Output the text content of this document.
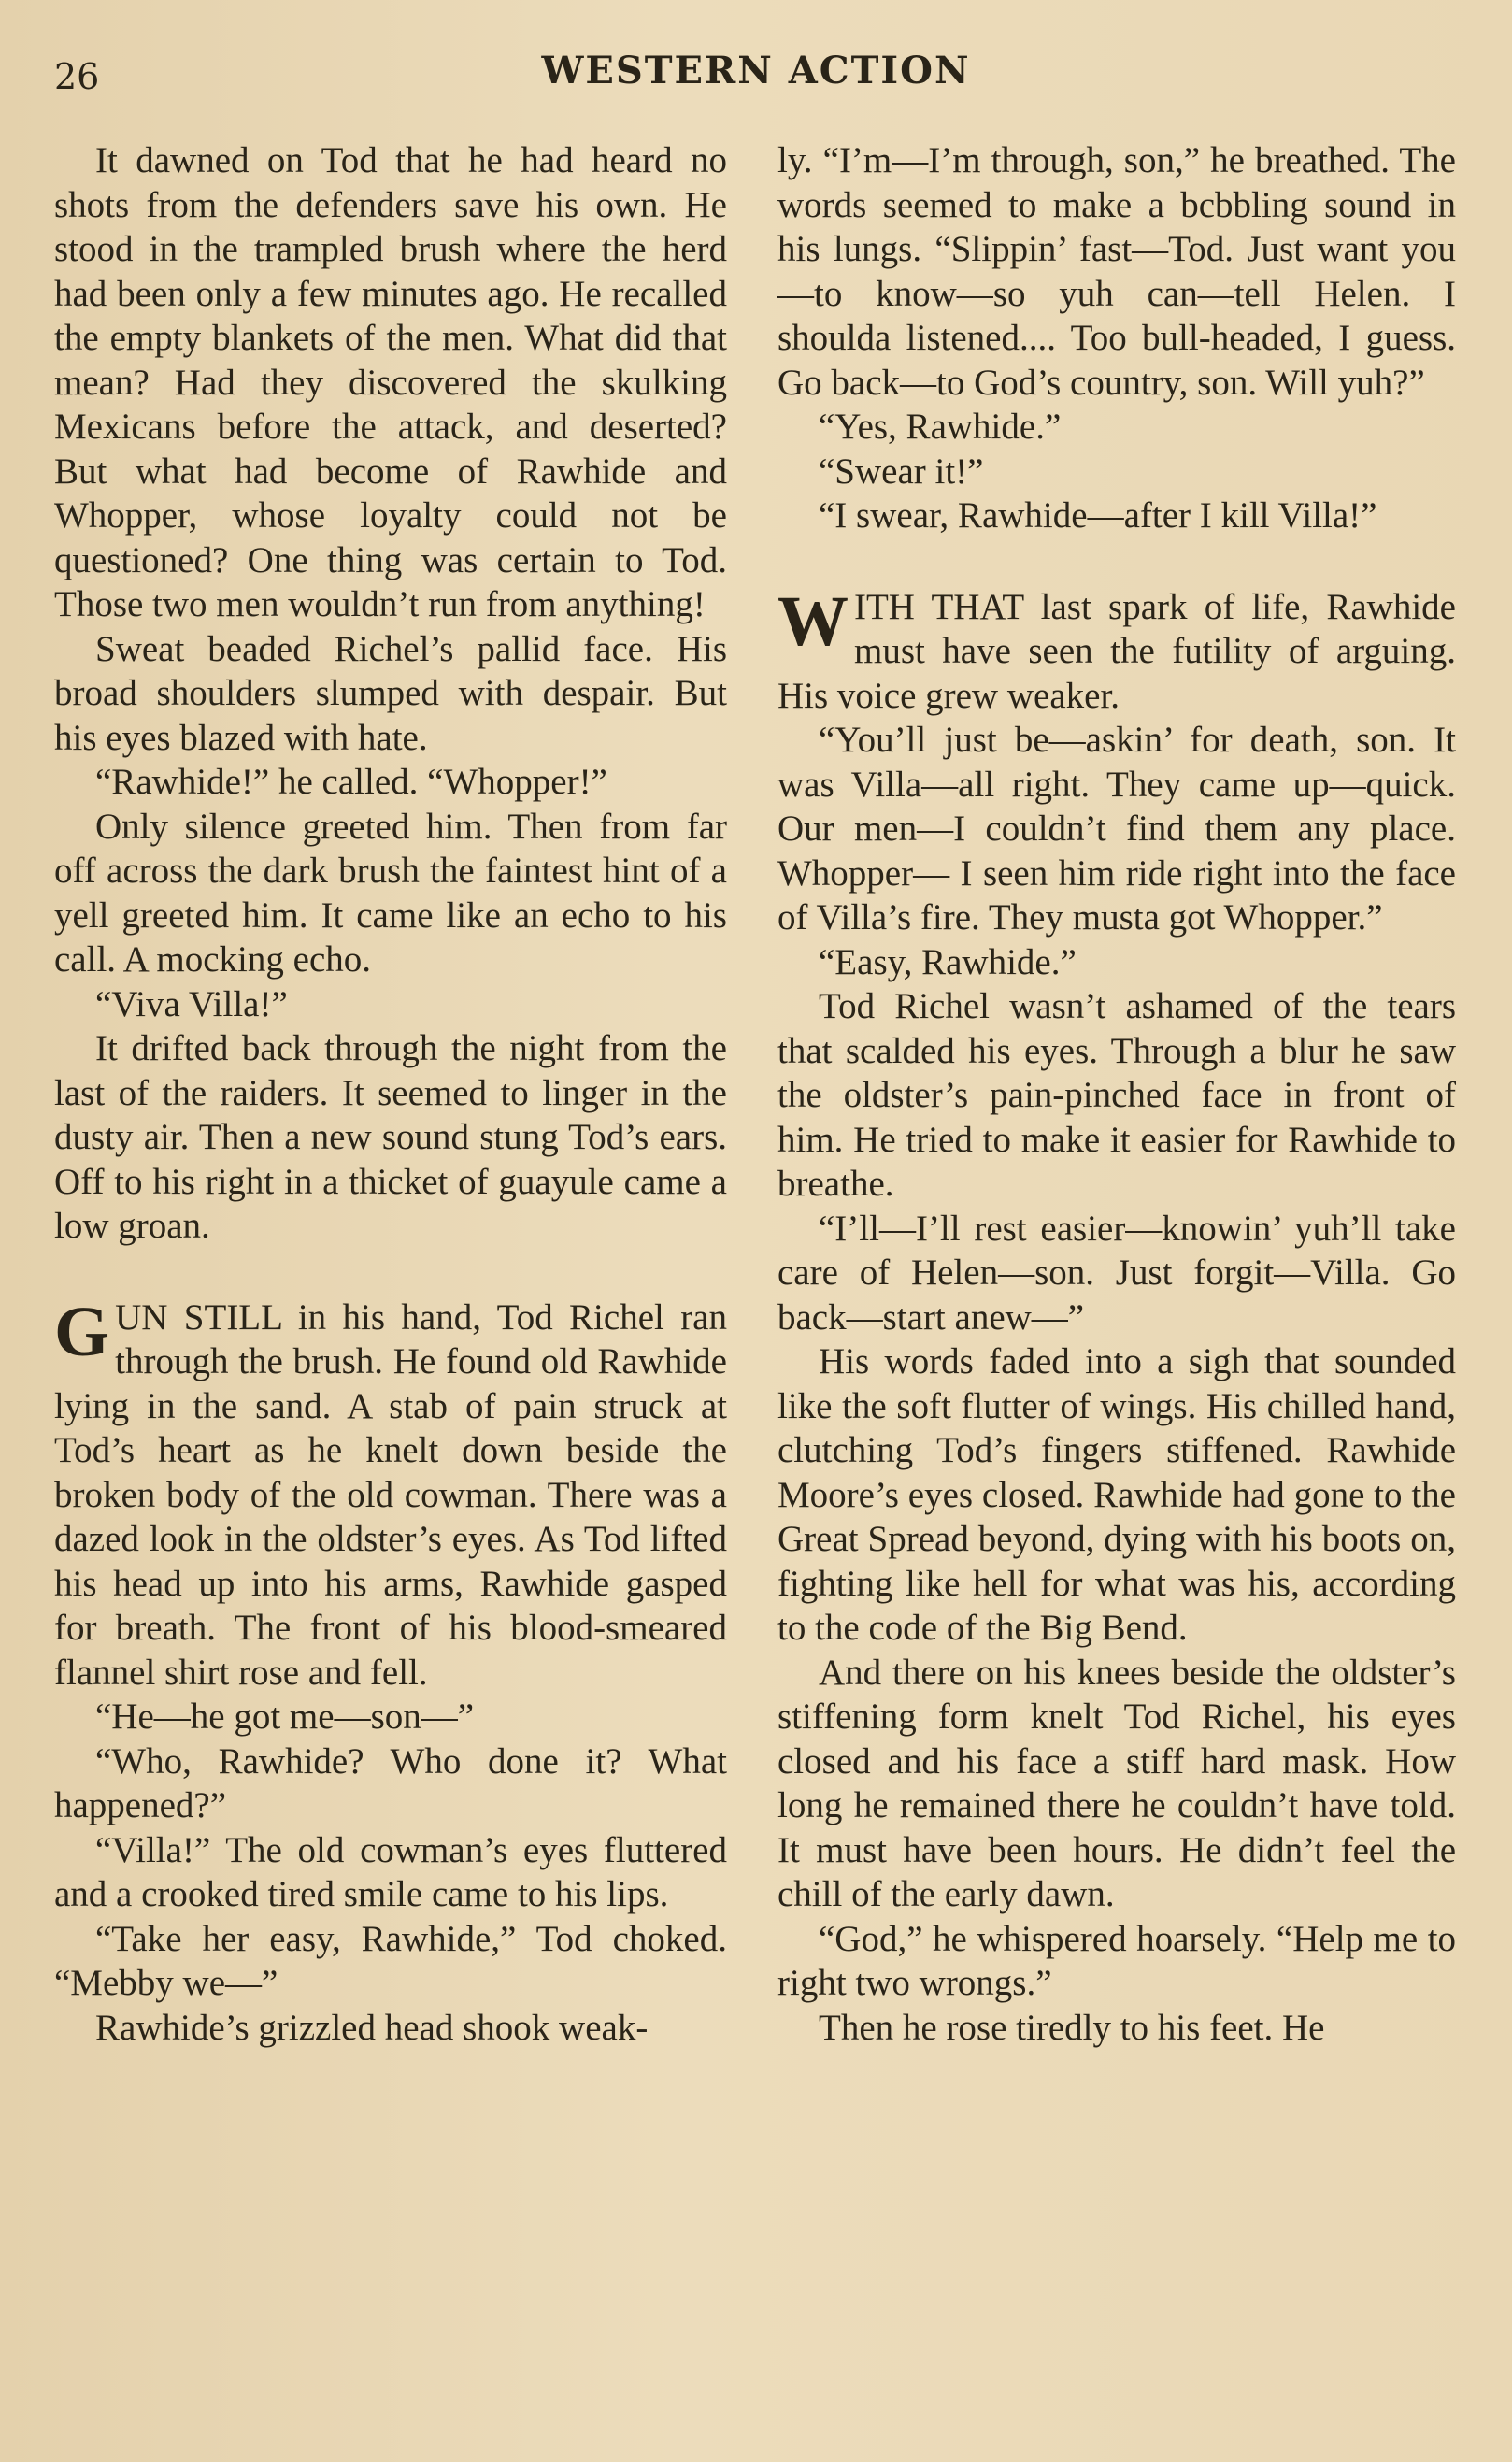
26	WESTERN ACTION

It dawned on Tod that he had heard no shots from the defenders save his own. He stood in the trampled brush where the herd had been only a few minutes ago. He recalled the empty blankets of the men. What did that mean? Had they discovered the skulking Mexicans before the attack, and deserted? But what had become of Rawhide and Whopper, whose loyalty could not be questioned? One thing was certain to Tod. Those two men wouldn’t run from anything!

Sweat beaded Richel’s pallid face. His broad shoulders slumped with despair. But his eyes blazed with hate.

“Rawhide!” he called. “Whopper!”

Only silence greeted him. Then from far off across the dark brush the faintest hint of a yell greeted him. It came like an echo to his call. A mocking echo.

“Viva Villa!”

It drifted back through the night from the last of the raiders. It seemed to linger in the dusty air. Then a new sound stung Tod’s ears. Off to his right in a thicket of guayule came a low groan.

GUN STILL in his hand, Tod Richel ran through the brush. He found old Rawhide lying in the sand. A stab of pain struck at Tod’s heart as he knelt down beside the broken body of the old cowman. There was a dazed look in the oldster’s eyes. As Tod lifted his head up into his arms, Rawhide gasped for breath. The front of his blood-smeared flannel shirt rose and fell.

“He—he got me—son—”

“Who, Rawhide? Who done it? What happened?”

“Villa!” The old cowman’s eyes fluttered and a crooked tired smile came to his lips.

“Take her easy, Rawhide,” Tod choked. “Mebby we—”

Rawhide’s grizzled head shook weak-

ly. “I’m—I’m through, son,” he breathed. The words seemed to make a bcbbling sound in his lungs. “Slippin’ fast—Tod. Just want you—to know—so yuh can—tell Helen. I shoulda listened.... Too bull-headed, I guess. Go back—to God’s country, son. Will yuh?”

“Yes, Rawhide.”

“Swear it!”

“I swear, Rawhide—after I kill Villa!”

WITH THAT last spark of life, Rawhide must have seen the futility of arguing. His voice grew weaker.

“You’ll just be—askin’ for death, son. It was Villa—all right. They came up—quick. Our men—I couldn’t find them any place. Whopper— I seen him ride right into the face of Villa’s fire. They musta got Whopper.”

“Easy, Rawhide.”

Tod Richel wasn’t ashamed of the tears that scalded his eyes. Through a blur he saw the oldster’s pain-pinched face in front of him. He tried to make it easier for Rawhide to breathe.

“I’ll—I’ll rest easier—knowin’ yuh’ll take care of Helen—son. Just forgit—Villa. Go back—start anew—”

His words faded into a sigh that sounded like the soft flutter of wings. His chilled hand, clutching Tod’s fingers stiffened. Rawhide Moore’s eyes closed. Rawhide had gone to the Great Spread beyond, dying with his boots on, fighting like hell for what was his, according to the code of the Big Bend.

And there on his knees beside the oldster’s stiffening form knelt Tod Richel, his eyes closed and his face a stiff hard mask. How long he remained there he couldn’t have told. It must have been hours. He didn’t feel the chill of the early dawn.

“God,” he whispered hoarsely. “Help me to right two wrongs.”

Then he rose tiredly to his feet. He
